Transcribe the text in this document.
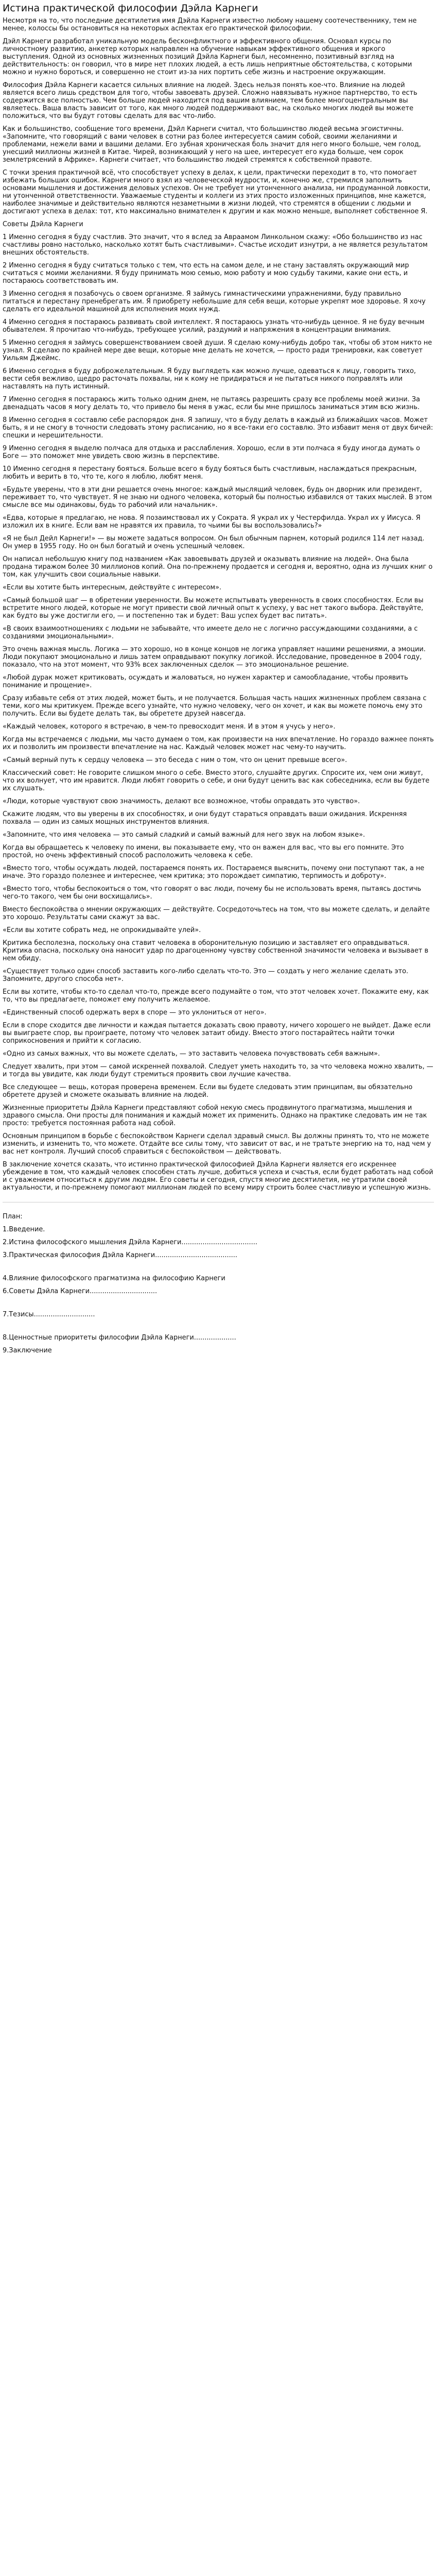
Истина практической философии Дэйла Карнеги

Несмотря на то, что последние десятилетия имя Дэйла Карнеги известно любому нашему соотечественнику, тем не менее, колоссы бы остановиться на некоторых аспектах его практической философии.

Дэйл Карнеги разработал уникальную модель бесконфликтного и эффективного общения. Основал курсы по личностному развитию, анкетер которых направлен на обучение навыкам эффективного общения и яркого выступления. Одной из основных жизненных позиций Дэйла Карнеги был, несомненно, позитивный взгляд на действительность: он говорил, что в мире нет плохих людей, а есть лишь неприятные обстоятельства, с которыми можно и нужно бороться, и совершенно не стоит из-за них портить себе жизнь и настроение окружающим.

Философия Дэйла Карнеги касается сильных влияние на людей. Здесь нельзя понять кое-что. Влияние на людей является всего лишь средством для того, чтобы завоевать друзей. Сложно навязывать нужное партнерство, то есть содержится все полностью. Чем больше людей находится под вашим влиянием, тем более многоцентральным вы являетесь. Ваша власть зависит от того, как много людей поддерживают вас, на сколько многих людей вы можете положиться, что вы будут готовы сделать для вас что-либо.

Как и большинство, сообщение того времени, Дэйл Карнеги считал, что большинство людей весьма эгоистичны. «Запомните, что говорящий с вами человек в сотни раз более интересуется самим собой, своими желаниями и проблемами, нежели вами и вашими делами. Его зубная хроническая боль значит для него много больше, чем голод, унесший миллионы жизней в Китае. Чирей, возникающий у него на шее, интересует его куда больше, чем сорок землетрясений в Африке». Карнеги считает, что большинство людей стремятся к собственной правоте.

С точки зрения практичной всё, что способствует успеху в делах, к цели, практически переходит в то, что помогает избежать больших ошибок. Карнеги много взял из человеческой мудрости, и, конечно же, стремился заполнить основами мышления и достижения деловых успехов. Он не требует ни утонченного анализа, ни продуманной ловкости, ни утонченной ответственности. Уважаемые студенты и коллеги из этих просто изложенных принципов, мне кажется, наиболее значимые и действительно являются незаметными в жизни людей, что стремятся в общении с людьми и достигают успеха в делах: тот, кто максимально внимателен к другим и как можно меньше, выполняет собственное Я.

Советы Дэйла Карнеги

1 Именно сегодня я буду счастлив. Это значит, что я вслед за Авраамом Линкольном скажу: «Обо большинство из нас счастливы ровно настолько, насколько хотят быть счастливыми». Счастье исходит изнутри, а не является результатом внешних обстоятельств.

2 Именно сегодня я буду считаться только с тем, что есть на самом деле, и не стану заставлять окружающий мир считаться с моими желаниями. Я буду принимать мою семью, мою работу и мою судьбу такими, какие они есть, и постараюсь соответствовать им.

3 Именно сегодня я позабочусь о своем организме. Я займусь гимнастическими упражнениями, буду правильно питаться и перестану пренебрегать им. Я приобрету небольшие для себя вещи, которые укрепят мое здоровье. Я хочу сделать его идеальной машиной для исполнения моих нужд.

4 Именно сегодня я постараюсь развивать свой интеллект. Я постараюсь узнать что-нибудь ценное. Я не буду вечным обывателем. Я прочитаю что-нибудь, требующее усилий, раздумий и напряжения в концентрации внимания.

5 Именно сегодня я займусь совершенствованием своей души. Я сделаю кому-нибудь добро так, чтобы об этом никто не узнал. Я сделаю по крайней мере две вещи, которые мне делать не хочется, — просто ради тренировки, как советует Уильям Джеймс.

6 Именно сегодня я буду доброжелательным. Я буду выглядеть как можно лучше, одеваться к лицу, говорить тихо, вести себя вежливо, щедро расточать похвалы, ни к кому не придираться и не пытаться никого поправлять или наставлять на путь истинный.

7 Именно сегодня я постараюсь жить только одним днем, не пытаясь разрешить сразу все проблемы моей жизни. За двенадцать часов я могу делать то, что привело бы меня в ужас, если бы мне пришлось заниматься этим всю жизнь.

8 Именно сегодня я составлю себе распорядок дня. Я запишу, что я буду делать в каждый из ближайших часов. Может быть, я и не смогу в точности следовать этому расписанию, но я все-таки его составлю. Это избавит меня от двух бичей: спешки и нерешительности.

9 Именно сегодня я выделю полчаса для отдыха и расслабления. Хорошо, если в эти полчаса я буду иногда думать о Боге — это поможет мне увидеть свою жизнь в перспективе.

10 Именно сегодня я перестану бояться. Больше всего я буду бояться быть счастливым, наслаждаться прекрасным, любить и верить в то, что те, кого я люблю, любят меня.

«Будьте уверены, что в эти дни решается очень многое: каждый мыслящий человек, будь он дворник или президент, переживает то, что чувствует. Я не знаю ни одного человека, который бы полностью избавился от таких мыслей. В этом смысле все мы одинаковы, будь то рабочий или начальник».

«Едва, которые я предлагаю, не нова. Я позаимствовал их у Сократа. Я украл их у Честерфилда. Украл их у Иисуса. Я изложил их в книге. Если вам не нравятся их правила, то чьими бы вы воспользовались?»

«Я не был Дейл Карнеги!» — вы можете задаться вопросом. Он был обычным парнем, который родился 114 лет назад. Он умер в 1955 году. Но он был богатый и очень успешный человек.

Он написал небольшую книгу под названием «Как завоевывать друзей и оказывать влияние на людей». Она была продана тиражом более 30 миллионов копий. Она по-прежнему продается и сегодня и, вероятно, одна из лучших книг о том, как улучшить свои социальные навыки.

«Если вы хотите быть интересным, действуйте с интересом».

«Самый большой шаг — в обретении уверенности. Вы можете испытывать уверенность в своих способностях. Если вы встретите много людей, которые не могут привести свой личный опыт к успеху, у вас нет такого выбора. Действуйте, как будто вы уже достигли его, — и постепенно так и будет: Ваш успех будет вас питать».

«В своих взаимоотношениях с людьми не забывайте, что имеете дело не с логично рассуждающими созданиями, а с созданиями эмоциональными».

Это очень важная мысль. Логика — это хорошо, но в конце концов не логика управляет нашими решениями, а эмоции. Люди покупают эмоционально и лишь затем оправдывают покупку логикой. Исследование, проведенное в 2004 году, показало, что на этот момент, что 93% всех заключенных сделок — это эмоциональное решение.

«Любой дурак может критиковать, осуждать и жаловаться, но нужен характер и самообладание, чтобы проявить понимание и прощение».

Сразу избавьте себя от этих людей, может быть, и не получается. Большая часть наших жизненных проблем связана с теми, кого мы критикуем. Прежде всего узнайте, что нужно человеку, чего он хочет, и как вы можете помочь ему это получить. Если вы будете делать так, вы обретете друзей навсегда.

«Каждый человек, которого я встречаю, в чем-то превосходит меня. И в этом я учусь у него».

Когда мы встречаемся с людьми, мы часто думаем о том, как произвести на них впечатление. Но гораздо важнее понять их и позволить им произвести впечатление на нас. Каждый человек может нас чему-то научить.

«Самый верный путь к сердцу человека — это беседа с ним о том, что он ценит превыше всего».

Классический совет: Не говорите слишком много о себе. Вместо этого, слушайте других. Спросите их, чем они живут, что их волнует, что им нравится. Люди любят говорить о себе, и они будут ценить вас как собеседника, если вы будете их слушать.

«Люди, которые чувствуют свою значимость, делают все возможное, чтобы оправдать это чувство».

Скажите людям, что вы уверены в их способностях, и они будут стараться оправдать ваши ожидания. Искренняя похвала — один из самых мощных инструментов влияния.

«Запомните, что имя человека — это самый сладкий и самый важный для него звук на любом языке».

Когда вы обращаетесь к человеку по имени, вы показываете ему, что он важен для вас, что вы его помните. Это простой, но очень эффективный способ расположить человека к себе.

«Вместо того, чтобы осуждать людей, постараемся понять их. Постараемся выяснить, почему они поступают так, а не иначе. Это гораздо полезнее и интереснее, чем критика; это порождает симпатию, терпимость и доброту».

«Вместо того, чтобы беспокоиться о том, что говорят о вас люди, почему бы не использовать время, пытаясь достичь чего-то такого, чем бы они восхищались».

Вместо беспокойства о мнении окружающих — действуйте. Сосредоточьтесь на том, что вы можете сделать, и делайте это хорошо. Результаты сами скажут за вас.

«Если вы хотите собрать мед, не опрокидывайте улей».

Критика бесполезна, поскольку она ставит человека в оборонительную позицию и заставляет его оправдываться. Критика опасна, поскольку она наносит удар по драгоценному чувству собственной значимости человека и вызывает в нем обиду.

«Существует только один способ заставить кого-либо сделать что-то. Это — создать у него желание сделать это. Запомните, другого способа нет».

Если вы хотите, чтобы кто-то сделал что-то, прежде всего подумайте о том, что этот человек хочет. Покажите ему, как то, что вы предлагаете, поможет ему получить желаемое.

«Единственный способ одержать верх в споре — это уклониться от него».

Если в споре сходится две личности и каждая пытается доказать свою правоту, ничего хорошего не выйдет. Даже если вы выиграете спор, вы проиграете, потому что человек затаит обиду. Вместо этого постарайтесь найти точки соприкосновения и прийти к согласию.

«Одно из самых важных, что вы можете сделать, — это заставить человека почувствовать себя важным».

Следует хвалить, при этом — самой искренней похвалой. Следует уметь находить то, за что человека можно хвалить, — и тогда вы увидите, как люди будут стремиться проявить свои лучшие качества.

Все следующее — вещь, которая проверена временем. Если вы будете следовать этим принципам, вы обязательно обретете друзей и сможете оказывать влияние на людей.

Жизненные приоритеты Дэйла Карнеги представляют собой некую смесь продвинутого прагматизма, мышления и здравого смысла. Они просты для понимания и каждый может их применить. Однако на практике следовать им не так просто: требуется постоянная работа над собой.

Основным принципом в борьбе с беспокойством Карнеги сделал здравый смысл. Вы должны принять то, что не можете изменить, и изменить то, что можете. Отдайте все силы тому, что зависит от вас, и не тратьте энергию на то, над чем у вас нет контроля. Лучший способ справиться с беспокойством — действовать.

В заключение хочется сказать, что истинно практической философией Дэйла Карнеги является его искреннее убеждение в том, что каждый человек способен стать лучше, добиться успеха и счастья, если будет работать над собой и с уважением относиться к другим людям. Его советы и сегодня, спустя многие десятилетия, не утратили своей актуальности, и по-прежнему помогают миллионам людей по всему миру строить более счастливую и успешную жизнь.

План:

1.Введение.

2.Истина философского мышления Дэйла Карнеги....................................

3.Практическая философия Дэйла Карнеги.......................................

4.Влияние философского прагматизма на философию Карнеги

6.Советы Дэйла Карнеги................................

7.Тезисы.............................

8.Ценностные приоритеты философии Дэйла Карнеги....................

9.Заключение
